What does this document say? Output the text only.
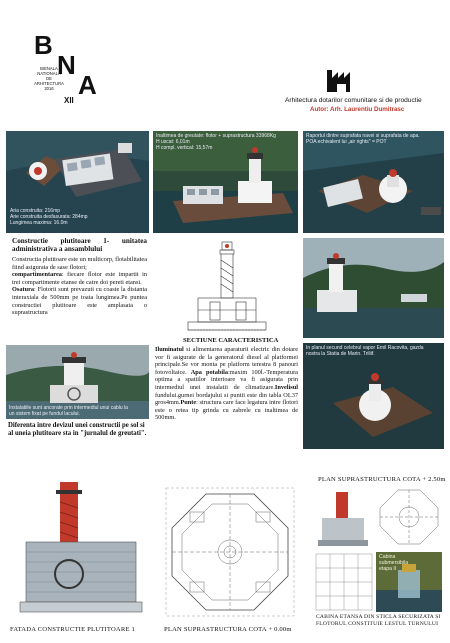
B
N
A
BIENALA
NATIONALA
DE
ARHITECTURA
2016
XII	Arhitectura dotarilor comunitare si de productie
Autor: Arh. Laurentiu Dumitrasc
Aria construita: 216mp
Arie construita desfasurata: 284mp
Lungimea maxima: 16.0m
Inaltimea de greutate: flotor + suprastructura 33968Kg
H uscat: 6,01m
H compl. vertical: 15,57m
Raportul dintre suprafata navei si suprafata de apa.
POA echivalent lui „air rights" = POT
Constructie plutitoare 1- unitatea administrativa a ansamblului
Constructia plutitoare este un multicorp, flotabilitatea fiind asigurata de sase flotori;
compartimentarea: fiecare flotor este impartit in trei compartimente etanse de catre doi pereti etansi.
Osatura: Flotorii sunt prevazuti cu coaste la distanta interaxiala de 500mm pe toata lungimea.Pe puntea constructiei plutitoare este amplasata o suprastructura
SECTIUNE CARACTERISTICA
Instalatiile sunt ancorate prin intermediul unui cablu la
un sistem fixat pe fundul lacului.
Diferenta intre devizul unei constructii pe sol si al uneia plutitoare sta in "jurnalul de greutati".
Iluminatul si alimentarea aparaturii electric din dotare vor fi asigurate de la generatorul diesel al platformei principale.Se vor monta pe platform terestra 8 panouri fotovoltaice. Apa potabila:maxim 100l.-Temperatura optima a spatiilor interioare va fi asigurata prin intermediul unei instalatii de climatizare.Invelisul fundului.gurnei bordajului si puntii este din tabla OL37 gros4mm.Punte: structura care face legatura intre flotori este o retea tip grinda cu zabrele cu inaltimea de 500mm.
In planul secund celebrul vapor Emil Racovita, gazda
nostra la Statia de Marin. Triliif.
FATADA CONSTRUCTIE PLUTITOARE 1	PLAN SUPRASTRUCTURA COTA + 0.00m
PLAN SUPRASTRUCTURA COTA + 2.50m
Cabina submersibila etapa II
CABINA ETANSA DIN STICLA SECURIZATA SI FLOTORUL CONSTITUIE LESTUL TURNULUI
